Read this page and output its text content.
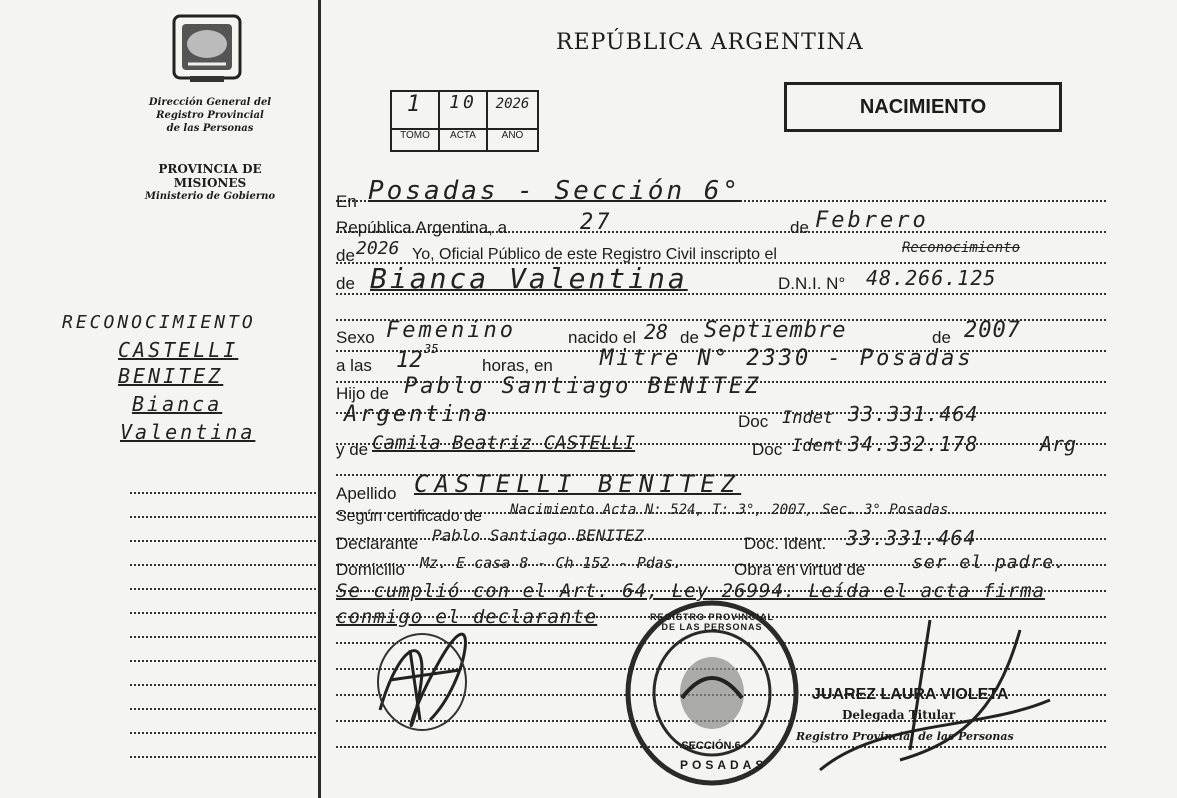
Dirección General del
Registro Provincial
de las Personas
PROVINCIA DE
MISIONES
Ministerio de Gobierno
RECONOCIMIENTO
CASTELLI
BENITEZ
Bianca
Valentina
REPÚBLICA ARGENTINA
NACIMIENTO
1	10	2026
TOMO	ACTA	AÑO
En Posadas - Sección 6°
República Argentina, a	27	de Febrero
de 2026 Yo, Oficial Público de este Registro Civil inscripto el	Reconocimiento
de Bianca Valentina	D.N.I. N° 48.266.125
Sexo Femenino	nacido el 28 de Septiembre	de 2007
a las 12 35
horas, en Mitre N° 2330 - Posadas
Hijo de Pablo Santiago BENITEZ
Argentina	Doc Indet 33.331.464
y de Camila Beatriz CASTELLI	Doc Ident 34.332.178	Arg
Apellido CASTELLI BENITEZ
Según certificado de Nacimiento Acta N: 524, T: 3°, 2007, Sec. 3° Posadas
Declarante Pablo Santiago BENITEZ	Doc. Ident. 33.331.464
Domicilio Mz. E casa 8 - Ch 152 - Pdas.	Obra en virtud de	ser el padre.
Se cumplió con el Art. 64, Ley 26994. Leída el acta firma
conmigo el declarante	REGISTRO PROVINCIAL DE LAS PERSONAS
SECCIÓN 6
POSADAS
JUAREZ LAURA VIOLETA
Delegada Titular
Registro Provincial de las Personas
